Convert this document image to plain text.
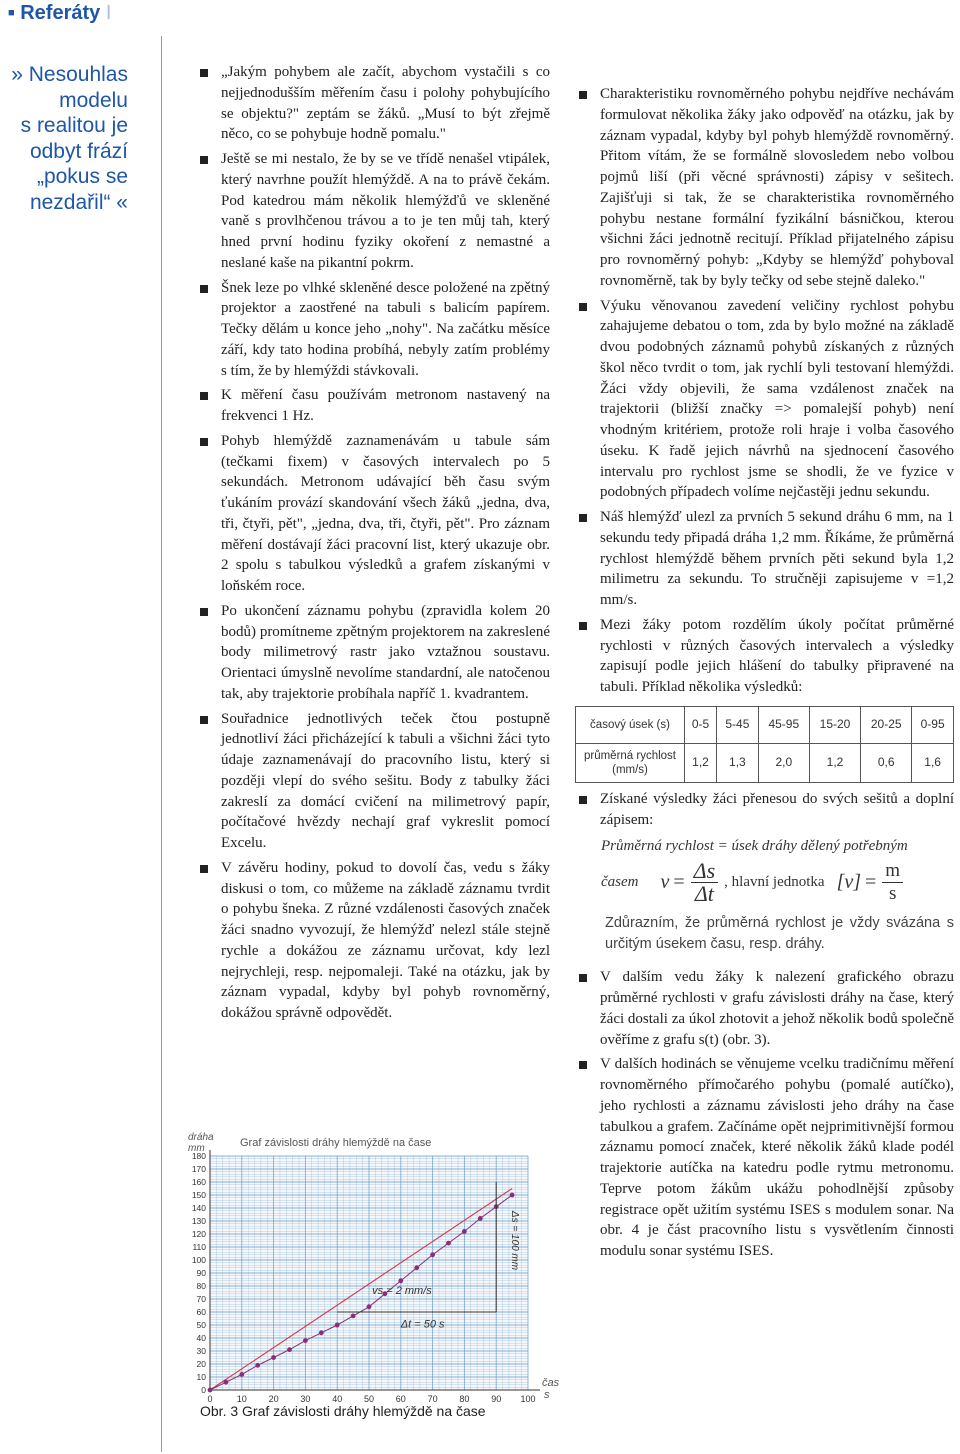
■ Referáty I
» Nesouhlas
modelu
s realitou je
odbyt frází
„pokus se
nezdařil“ «
„Jakým pohybem ale začít, abychom vystačili s co nejjednodušším měřením času i polohy pohybujícího se objektu?" zeptám se žáků. „Musí to být zřejmě něco, co se pohybuje hodně pomalu."
Ještě se mi nestalo, že by se ve třídě nenašel vtipálek, který navrhne použít hlemýždě. A na to právě čekám. Pod katedrou mám několik hlemýžďů ve skleněné vaně s provlhčenou trávou a to je ten můj tah, který hned první hodinu fyziky okoření z nemastné a neslané kaše na pikantní pokrm.
Šnek leze po vlhké skleněné desce položené na zpětný projektor a zaostřené na tabuli s balicím papírem. Tečky dělám u konce jeho „nohy". Na začátku měsíce září, kdy tato hodina probíhá, nebyly zatím problémy s tím, že by hlemýždi stávkovali.
K měření času používám metronom nastavený na frekvenci 1 Hz.
Pohyb hlemýždě zaznamenávám u tabule sám (tečkami fixem) v časových intervalech po 5 sekundách. Metronom udávající běh času svým ťukáním provází skandování všech žáků „jedna, dva, tři, čtyři, pět", „jedna, dva, tři, čtyři, pět". Pro záznam měření dostávají žáci pracovní list, který ukazuje obr. 2 spolu s tabulkou výsledků a grafem získanými v loňském roce.
Po ukončení záznamu pohybu (zpravidla kolem 20 bodů) promítneme zpětným projektorem na zakreslené body milimetrový rastr jako vztažnou soustavu. Orientaci úmyslně nevolíme standardní, ale natočenou tak, aby trajektorie probíhala napříč 1. kvadrantem.
Souřadnice jednotlivých teček čtou postupně jednotliví žáci přicházející k tabuli a všichni žáci tyto údaje zaznamenávají do pracovního listu, který si později vlepí do svého sešitu. Body z tabulky žáci zakreslí za domácí cvičení na milimetrový papír, počítačové hvězdy nechají graf vykreslit pomocí Excelu.
V závěru hodiny, pokud to dovolí čas, vedu s žáky diskusi o tom, co můžeme na základě záznamu tvrdit o pohybu šneka. Z různé vzdálenosti časových značek žáci snadno vyvozují, že hlemýžď nelezl stále stejně rychle a dokážou ze záznamu určovat, kdy lezl nejrychleji, resp. nejpomaleji. Také na otázku, jak by záznam vypadal, kdyby byl pohyb rovnoměrný, dokážou správně odpovědět.
Charakteristiku rovnoměrného pohybu nejdříve nechávám formulovat několika žáky jako odpověď na otázku, jak by záznam vypadal, kdyby byl pohyb hlemýždě rovnoměrný. Přitom vítám, že se formálně slovosledem nebo volbou pojmů liší (při věcné správnosti) zápisy v sešitech. Zajišťuji si tak, že se charakteristika rovnoměrného pohybu nestane formální fyzikální básničkou, kterou všichni žáci jednotně recitují. Příklad přijatelného zápisu pro rovnoměrný pohyb: „Kdyby se hlemýžď pohyboval rovnoměrně, tak by byly tečky od sebe stejně daleko."
Výuku věnovanou zavedení veličiny rychlost pohybu zahajujeme debatou o tom, zda by bylo možné na základě dvou podobných záznamů pohybů získaných z různých škol něco tvrdit o tom, jak rychlí byli testovaní hlemýždi. Žáci vždy objevili, že sama vzdálenost značek na trajektorii (bližší značky => pomalejší pohyb) není vhodným kritériem, protože roli hraje i volba časového úseku. K řadě jejich návrhů na sjednocení časového intervalu pro rychlost jsme se shodli, že ve fyzice v podobných případech volíme nejčastěji jednu sekundu.
Náš hlemýžď ulezl za prvních 5 sekund dráhu 6 mm, na 1 sekundu tedy připadá dráha 1,2 mm. Říkáme, že průměrná rychlost hlemýždě během prvních pěti sekund byla 1,2 milimetru za sekundu. To stručněji zapisujeme v =1,2 mm/s.
Mezi žáky potom rozdělím úkoly počítat průměrné rychlosti v různých časových intervalech a výsledky zapisují podle jejich hlášení do tabulky připravené na tabuli. Příklad několika výsledků:
časový úsek (s)	0-5	5-45	45-95	15-20	20-25	0-95
průměrná rychlost (mm/s)	1,2	1,3	2,0	1,2	0,6	1,6
Získané výsledky žáci přenesou do svých sešitů a doplní zápisem:
Průměrná rychlost = úsek dráhy dělený potřebným
časem $v = \frac{\Delta s}{\Delta t}$ , hlavní jednotka $[v] = \frac{m}{s}$
Zdůrazním, že průměrná rychlost je vždy svázána s určitým úsekem času, resp. dráhy.
V dalším vedu žáky k nalezení grafického obrazu průměrné rychlosti v grafu závislosti dráhy na čase, který žáci dostali za úkol zhotovit a jehož několik bodů společně ověříme z grafu s(t) (obr. 3).
V dalších hodinách se věnujeme vcelku tradičnímu měření rovnoměrného přímočarého pohybu (pomalé autíčko), jeho rychlosti a záznamu závislosti jeho dráhy na čase tabulkou a grafem. Začínáme opět nejprimitivnější formou záznamu pomocí značek, které několik žáků klade podél trajektorie autíčka na katedru podle rytmu metronomu. Teprve potom žákům ukážu pohodlnější způsoby registrace opět užitím systému ISES s modulem sonar. Na obr. 4 je část pracovního listu s vysvětlením činnosti modulu sonar systému ISES.
0	10 20 30 40 50 60 70 80 90 100
0
10
20
30
40
50
60
70
80
90
100
110
120
130
140
150
160
170
180
Graf závislosti dráhy hlemýždě na čase
dráha
mm
čas
s
vs = 2 mm/s
Δt = 50 s
Δs = 100 mm
Obr. 3 Graf závislosti dráhy hlemýždě na čase
